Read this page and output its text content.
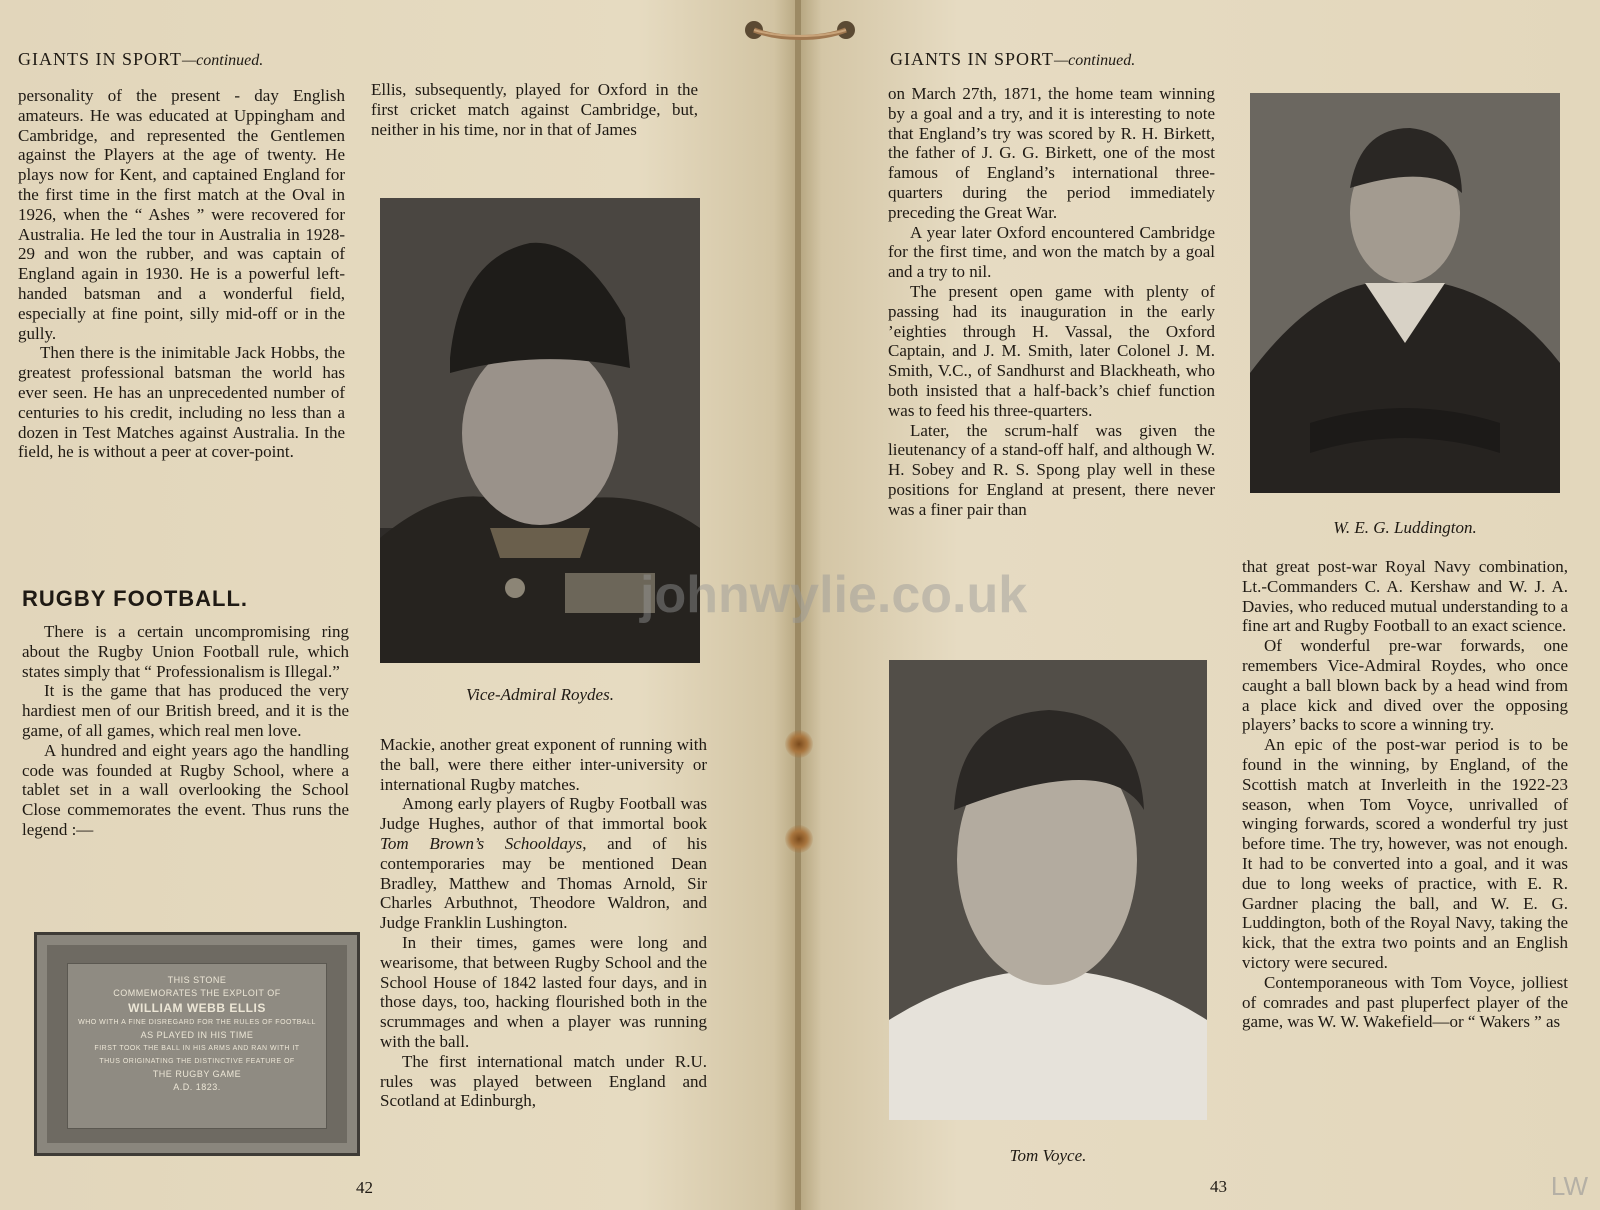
GIANTS IN SPORT—continued.

personality of the present - day English amateurs. He was educated at Uppingham and Cambridge, and represented the Gentlemen against the Players at the age of twenty. He plays now for Kent, and captained England for the first time in the first match at the Oval in 1926, when the “ Ashes ” were recovered for Australia. He led the tour in Australia in 1928-29 and won the rubber, and was captain of England again in 1930. He is a powerful left-handed batsman and a wonderful field, especially at fine point, silly mid-off or in the gully.

Then there is the inimitable Jack Hobbs, the greatest professional batsman the world has ever seen. He has an unprecedented number of centuries to his credit, including no less than a dozen in Test Matches against Australia. In the field, he is without a peer at cover-point.

RUGBY FOOTBALL.

There is a certain uncompromising ring about the Rugby Union Football rule, which states simply that “ Professionalism is Illegal.”

It is the game that has produced the very hardiest men of our British breed, and it is the game, of all games, which real men love.

A hundred and eight years ago the handling code was founded at Rugby School, where a tablet set in a wall overlooking the School Close commemorates the event. Thus runs the legend :—

THIS STONE
COMMEMORATES THE EXPLOIT OF
WILLIAM WEBB ELLIS
WHO WITH A FINE DISREGARD FOR THE RULES OF FOOTBALL
AS PLAYED IN HIS TIME
FIRST TOOK THE BALL IN HIS ARMS AND RAN WITH IT
THUS ORIGINATING THE DISTINCTIVE FEATURE OF
THE RUGBY GAME
A.D. 1823.

Ellis, subsequently, played for Oxford in the first cricket match against Cambridge, but, neither in his time, nor in that of James

Vice-Admiral Roydes.

Mackie, another great exponent of running with the ball, were there either inter-university or international Rugby matches.

Among early players of Rugby Football was Judge Hughes, author of that immortal book Tom Brown’s Schooldays, and of his contemporaries may be mentioned Dean Bradley, Matthew and Thomas Arnold, Sir Charles Arbuthnot, Theodore Waldron, and Judge Franklin Lushington.

In their times, games were long and wearisome, that between Rugby School and the School House of 1842 lasted four days, and in those days, too, hacking flourished both in the scrummages and when a player was running with the ball.

The first international match under R.U. rules was played between England and Scotland at Edinburgh,

42
GIANTS IN SPORT—continued.

on March 27th, 1871, the home team winning by a goal and a try, and it is interesting to note that England’s try was scored by R. H. Birkett, the father of J. G. G. Birkett, one of the most famous of England’s international three-quarters during the period immediately preceding the Great War.

A year later Oxford encountered Cambridge for the first time, and won the match by a goal and a try to nil.

The present open game with plenty of passing had its inauguration in the early ’eighties through H. Vassal, the Oxford Captain, and J. M. Smith, later Colonel J. M. Smith, V.C., of Sandhurst and Blackheath, who both insisted that a half-back’s chief function was to feed his three-quarters.

Later, the scrum-half was given the lieutenancy of a stand-off half, and although W. H. Sobey and R. S. Spong play well in these positions for England at present, there never was a finer pair than

W. E. G. Luddington.

that great post-war Royal Navy combination, Lt.-Commanders C. A. Kershaw and W. J. A. Davies, who reduced mutual understanding to a fine art and Rugby Football to an exact science.

Of wonderful pre-war forwards, one remembers Vice-Admiral Roydes, who once caught a ball blown back by a head wind from a place kick and dived over the opposing players’ backs to score a winning try.

An epic of the post-war period is to be found in the winning, by England, of the Scottish match at Inverleith in the 1922-23 season, when Tom Voyce, unrivalled of winging forwards, scored a wonderful try just before time. The try, however, was not enough. It had to be converted into a goal, and it was due to long weeks of practice, with E. R. Gardner placing the ball, and W. E. G. Luddington, both of the Royal Navy, taking the kick, that the extra two points and an English victory were secured.

Contemporaneous with Tom Voyce, jolliest of comrades and past pluperfect player of the game, was W. W. Wakefield—or “ Wakers ” as

Tom Voyce.
43
johnwylie.co.uk
LW
